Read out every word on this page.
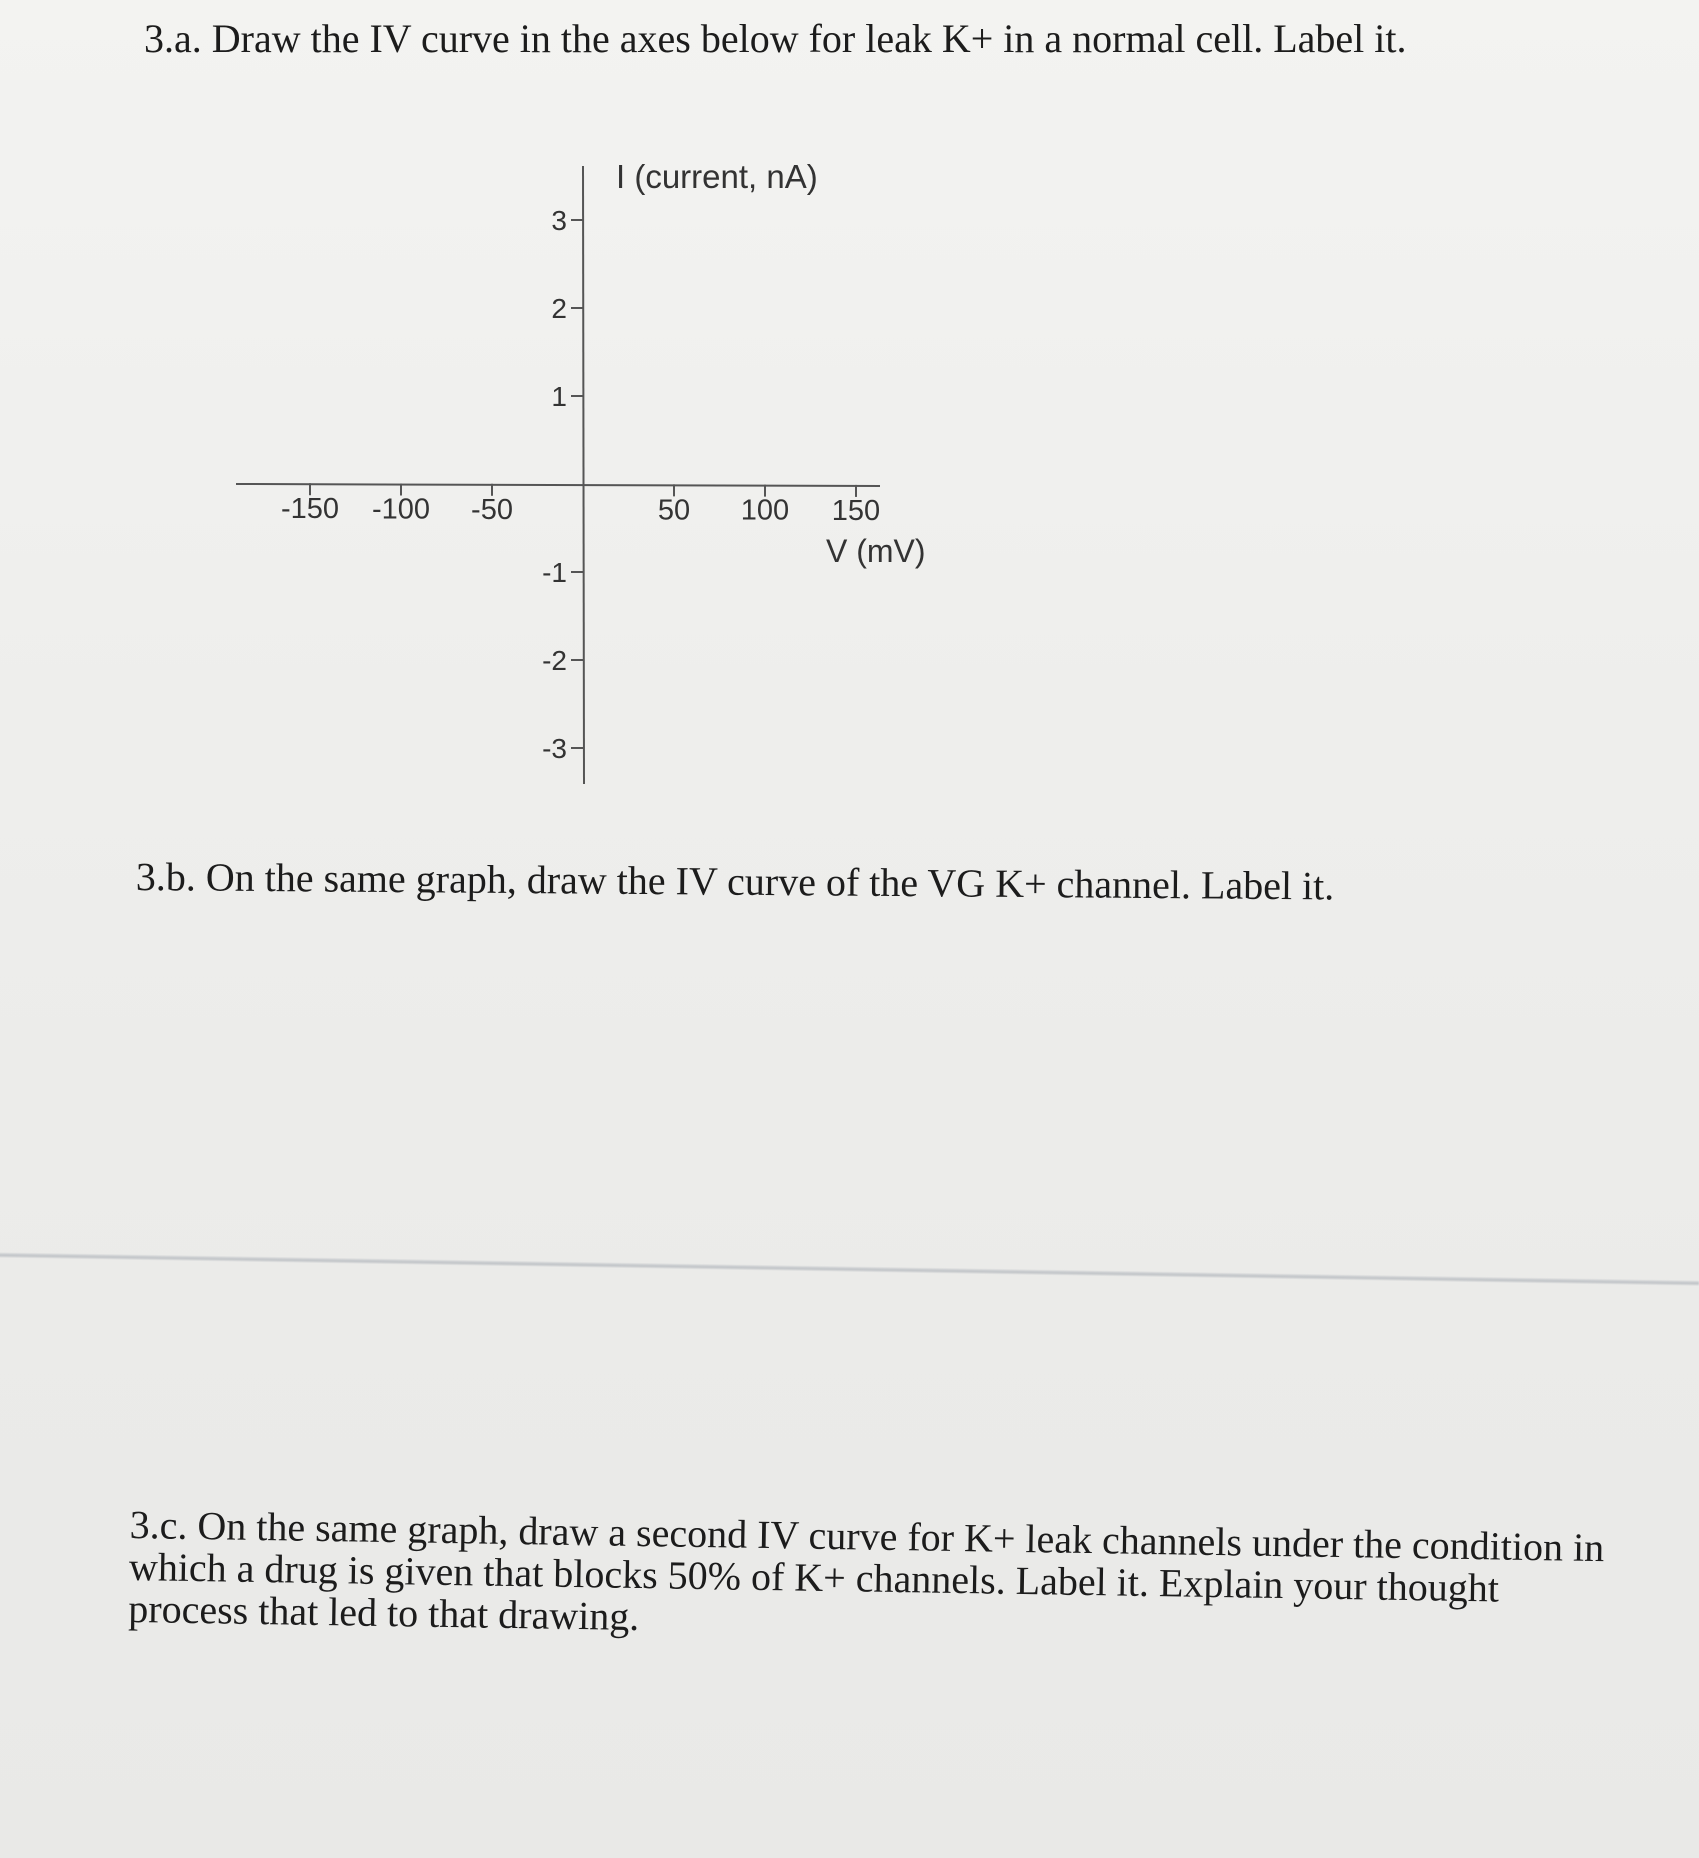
3.a. Draw the IV curve in the axes below for leak K+ in a normal cell. Label it.
-150 -100 -50	50 100 150
3
2
1
-1
-2
-3
I (current, nA)
V (mV)
3.b. On the same graph, draw the IV curve of the VG K+ channel. Label it.
3.c. On the same graph, draw a second IV curve for K+ leak channels under the condition in which a drug is given that blocks 50% of K+ channels. Label it. Explain your thought process that led to that drawing.
